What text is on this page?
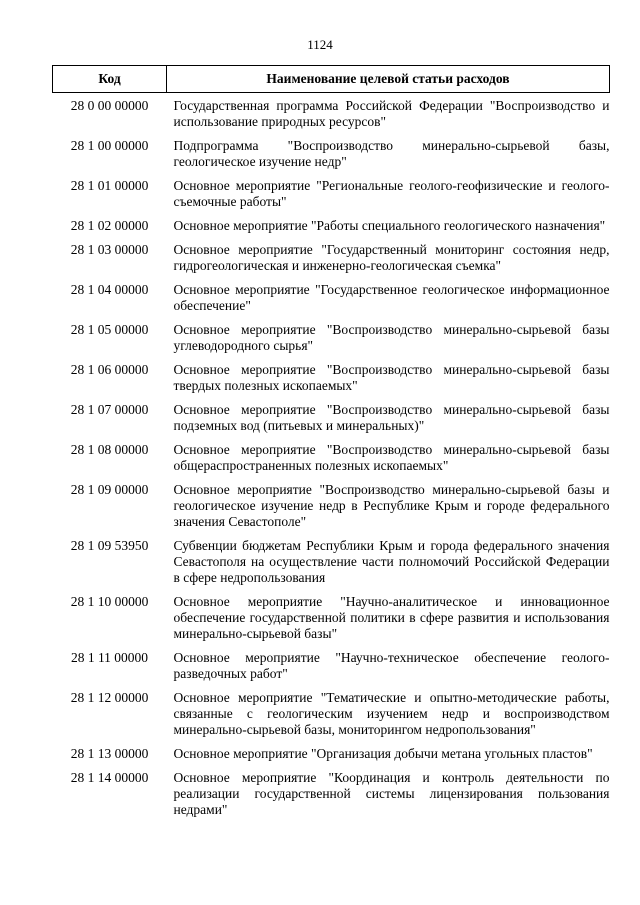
1124
Код	Наименование целевой статьи расходов
28 0 00 00000	Государственная программа Российской Федерации "Воспроизводство и использование природных ресурсов"
28 1 00 00000	Подпрограмма "Воспроизводство минерально-сырьевой базы, геологическое изучение недр"
28 1 01 00000	Основное мероприятие "Региональные геолого-геофизические и геолого-съемочные работы"
28 1 02 00000	Основное мероприятие "Работы специального геологического назначения"
28 1 03 00000	Основное мероприятие "Государственный мониторинг состояния недр, гидрогеологическая и инженерно-геологическая съемка"
28 1 04 00000	Основное мероприятие "Государственное геологическое информационное обеспечение"
28 1 05 00000	Основное мероприятие "Воспроизводство минерально-сырьевой базы углеводородного сырья"
28 1 06 00000	Основное мероприятие "Воспроизводство минерально-сырьевой базы твердых полезных ископаемых"
28 1 07 00000	Основное мероприятие "Воспроизводство минерально-сырьевой базы подземных вод (питьевых и минеральных)"
28 1 08 00000	Основное мероприятие "Воспроизводство минерально-сырьевой базы общераспространенных полезных ископаемых"
28 1 09 00000	Основное мероприятие "Воспроизводство минерально-сырьевой базы и геологическое изучение недр в Республике Крым и городе федерального значения Севастополе"
28 1 09 53950	Субвенции бюджетам Республики Крым и города федерального значения Севастополя на осуществление части полномочий Российской Федерации в сфере недропользования
28 1 10 00000	Основное мероприятие "Научно-аналитическое и инновационное обеспечение государственной политики в сфере развития и использования минерально-сырьевой базы"
28 1 11 00000	Основное мероприятие "Научно-техническое обеспечение геолого-разведочных работ"
28 1 12 00000	Основное мероприятие "Тематические и опытно-методические работы, связанные с геологическим изучением недр и воспроизводством минерально-сырьевой базы, мониторингом недропользования"
28 1 13 00000	Основное мероприятие "Организация добычи метана угольных пластов"
28 1 14 00000	Основное мероприятие "Координация и контроль деятельности по реализации государственной системы лицензирования пользования недрами"
